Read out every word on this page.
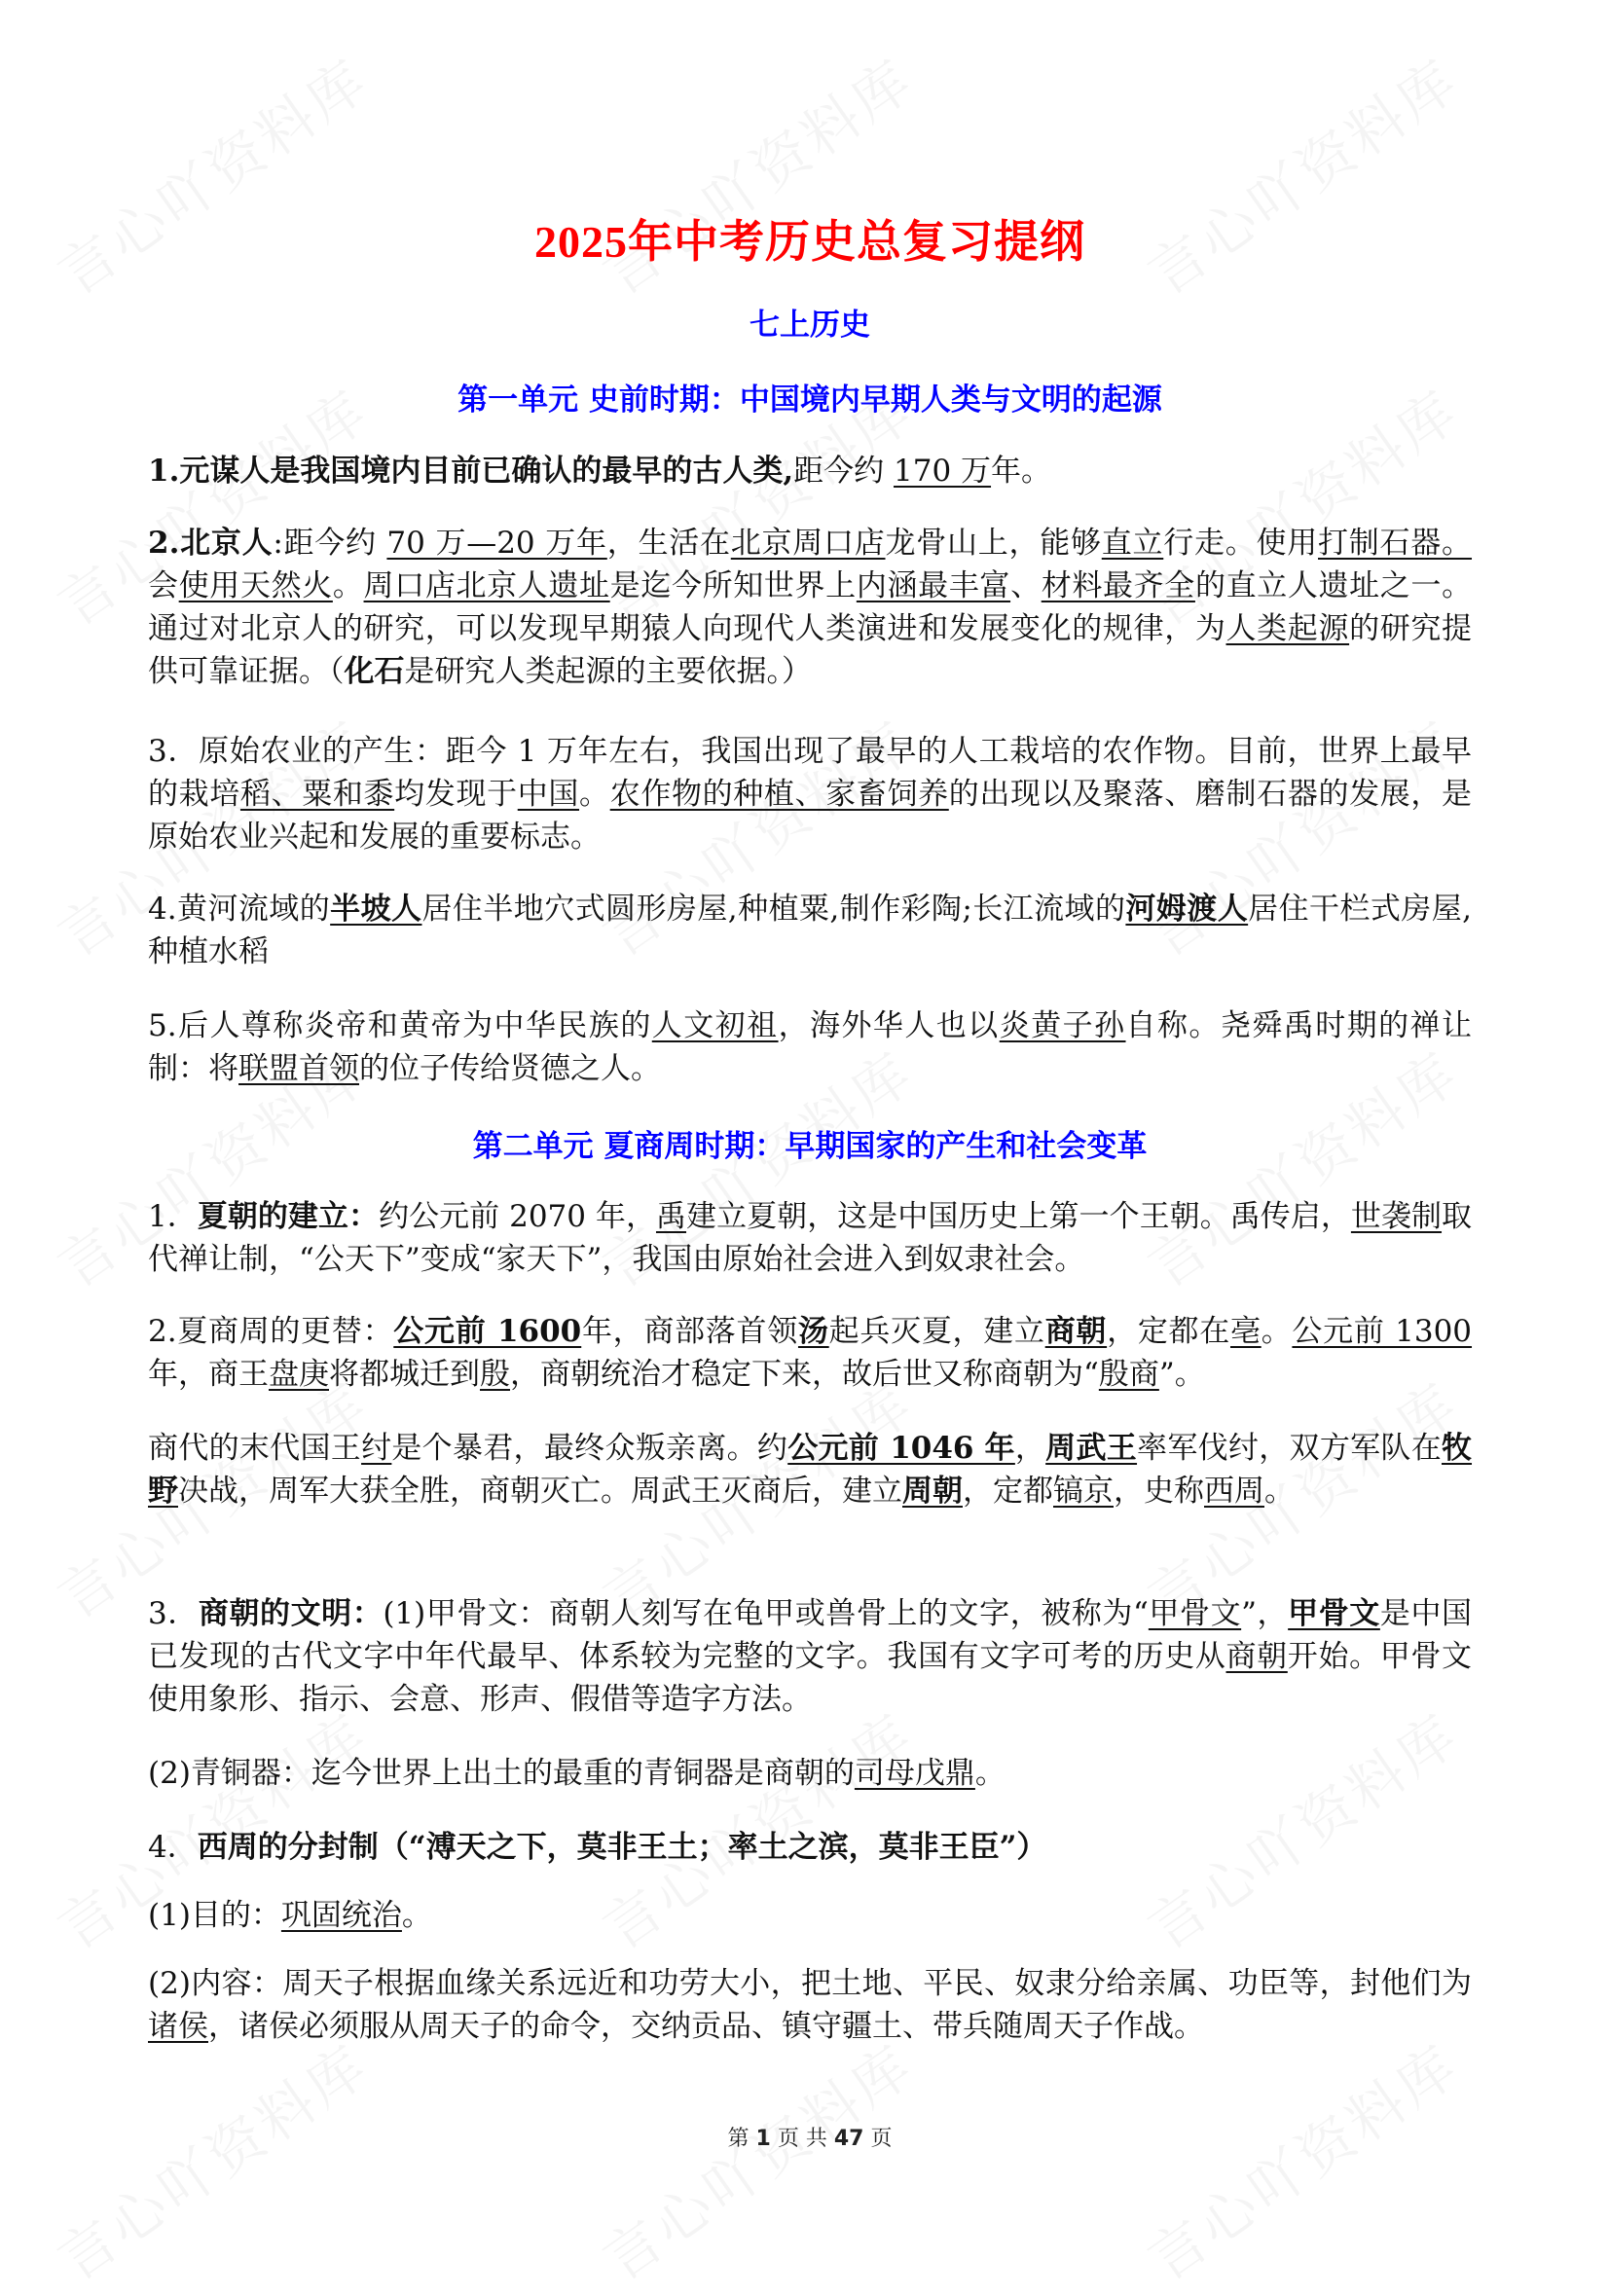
2025年中考历史总复习提纲
七上历史
第一单元 史前时期：中国境内早期人类与文明的起源
1.元谋人是我国境内目前已确认的最早的古人类,距今约 170 万年。
2.北京人:距今约 70 万—20 万年，生活在北京周口店龙骨山上，能够直立行走。使用打制石器。会使用天然火。周口店北京人遗址是迄今所知世界上内涵最丰富、材料最齐全的直立人遗址之一。通过对北京人的研究，可以发现早期猿人向现代人类演进和发展变化的规律，为人类起源的研究提供可靠证据。（化石是研究人类起源的主要依据。）
3．原始农业的产生：距今 1 万年左右，我国出现了最早的人工栽培的农作物。目前，世界上最早的栽培稻、粟和黍均发现于中国。农作物的种植、家畜饲养的出现以及聚落、磨制石器的发展，是原始农业兴起和发展的重要标志。
4.黄河流域的半坡人居住半地穴式圆形房屋,种植粟,制作彩陶;长江流域的河姆渡人居住干栏式房屋,种植水稻
5.后人尊称炎帝和黄帝为中华民族的人文初祖，海外华人也以炎黄子孙自称。尧舜禹时期的禅让制：将联盟首领的位子传给贤德之人。
第二单元 夏商周时期：早期国家的产生和社会变革
1．夏朝的建立：约公元前 2070 年，禹建立夏朝，这是中国历史上第一个王朝。禹传启，世袭制取代禅让制，“公天下”变成“家天下”，我国由原始社会进入到奴隶社会。
2.夏商周的更替：公元前 1600年，商部落首领汤起兵灭夏，建立商朝，定都在亳。公元前 1300年，商王盘庚将都城迁到殷，商朝统治才稳定下来，故后世又称商朝为“殷商”。
商代的末代国王纣是个暴君，最终众叛亲离。约公元前 1046 年，周武王率军伐纣，双方军队在牧野决战，周军大获全胜，商朝灭亡。周武王灭商后，建立周朝，定都镐京，史称西周。
3．商朝的文明：(1)甲骨文：商朝人刻写在龟甲或兽骨上的文字，被称为“甲骨文”，甲骨文是中国已发现的古代文字中年代最早、体系较为完整的文字。我国有文字可考的历史从商朝开始。甲骨文使用象形、指示、会意、形声、假借等造字方法。
(2)青铜器：迄今世界上出土的最重的青铜器是商朝的司母戊鼎。
4．西周的分封制（“溥天之下，莫非王土；率土之滨，莫非王臣”）
(1)目的：巩固统治。
(2)内容：周天子根据血缘关系远近和功劳大小，把土地、平民、奴隶分给亲属、功臣等，封他们为诸侯，诸侯必须服从周天子的命令，交纳贡品、镇守疆土、带兵随周天子作战。
第 1 页 共 47 页
